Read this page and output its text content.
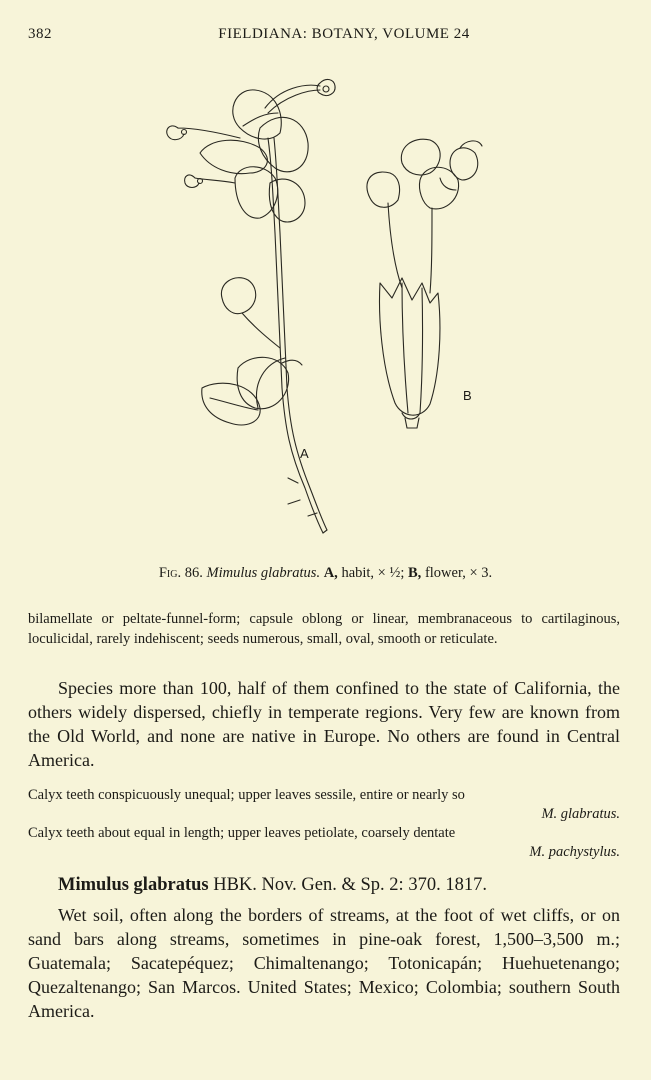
382	FIELDIANA: BOTANY, VOLUME 24
A
B
Fig. 86. Mimulus glabratus. A, habit, × ½; B, flower, × 3.
bilamellate or peltate-funnel-form; capsule oblong or linear, membranaceous to cartilaginous, loculicidal, rarely indehiscent; seeds numerous, small, oval, smooth or reticulate.
Species more than 100, half of them confined to the state of California, the others widely dispersed, chiefly in temperate regions. Very few are known from the Old World, and none are native in Europe. No others are found in Central America.
Calyx teeth conspicuously unequal; upper leaves sessile, entire or nearly so
M. glabratus.
Calyx teeth about equal in length; upper leaves petiolate, coarsely dentate
M. pachystylus.
Mimulus glabratus HBK. Nov. Gen. & Sp. 2: 370. 1817.
Wet soil, often along the borders of streams, at the foot of wet cliffs, or on sand bars along streams, sometimes in pine-oak forest, 1,500–3,500 m.; Guatemala; Sacatepéquez; Chimaltenango; Totonicapán; Huehuetenango; Quezaltenango; San Marcos. United States; Mexico; Colombia; southern South America.
